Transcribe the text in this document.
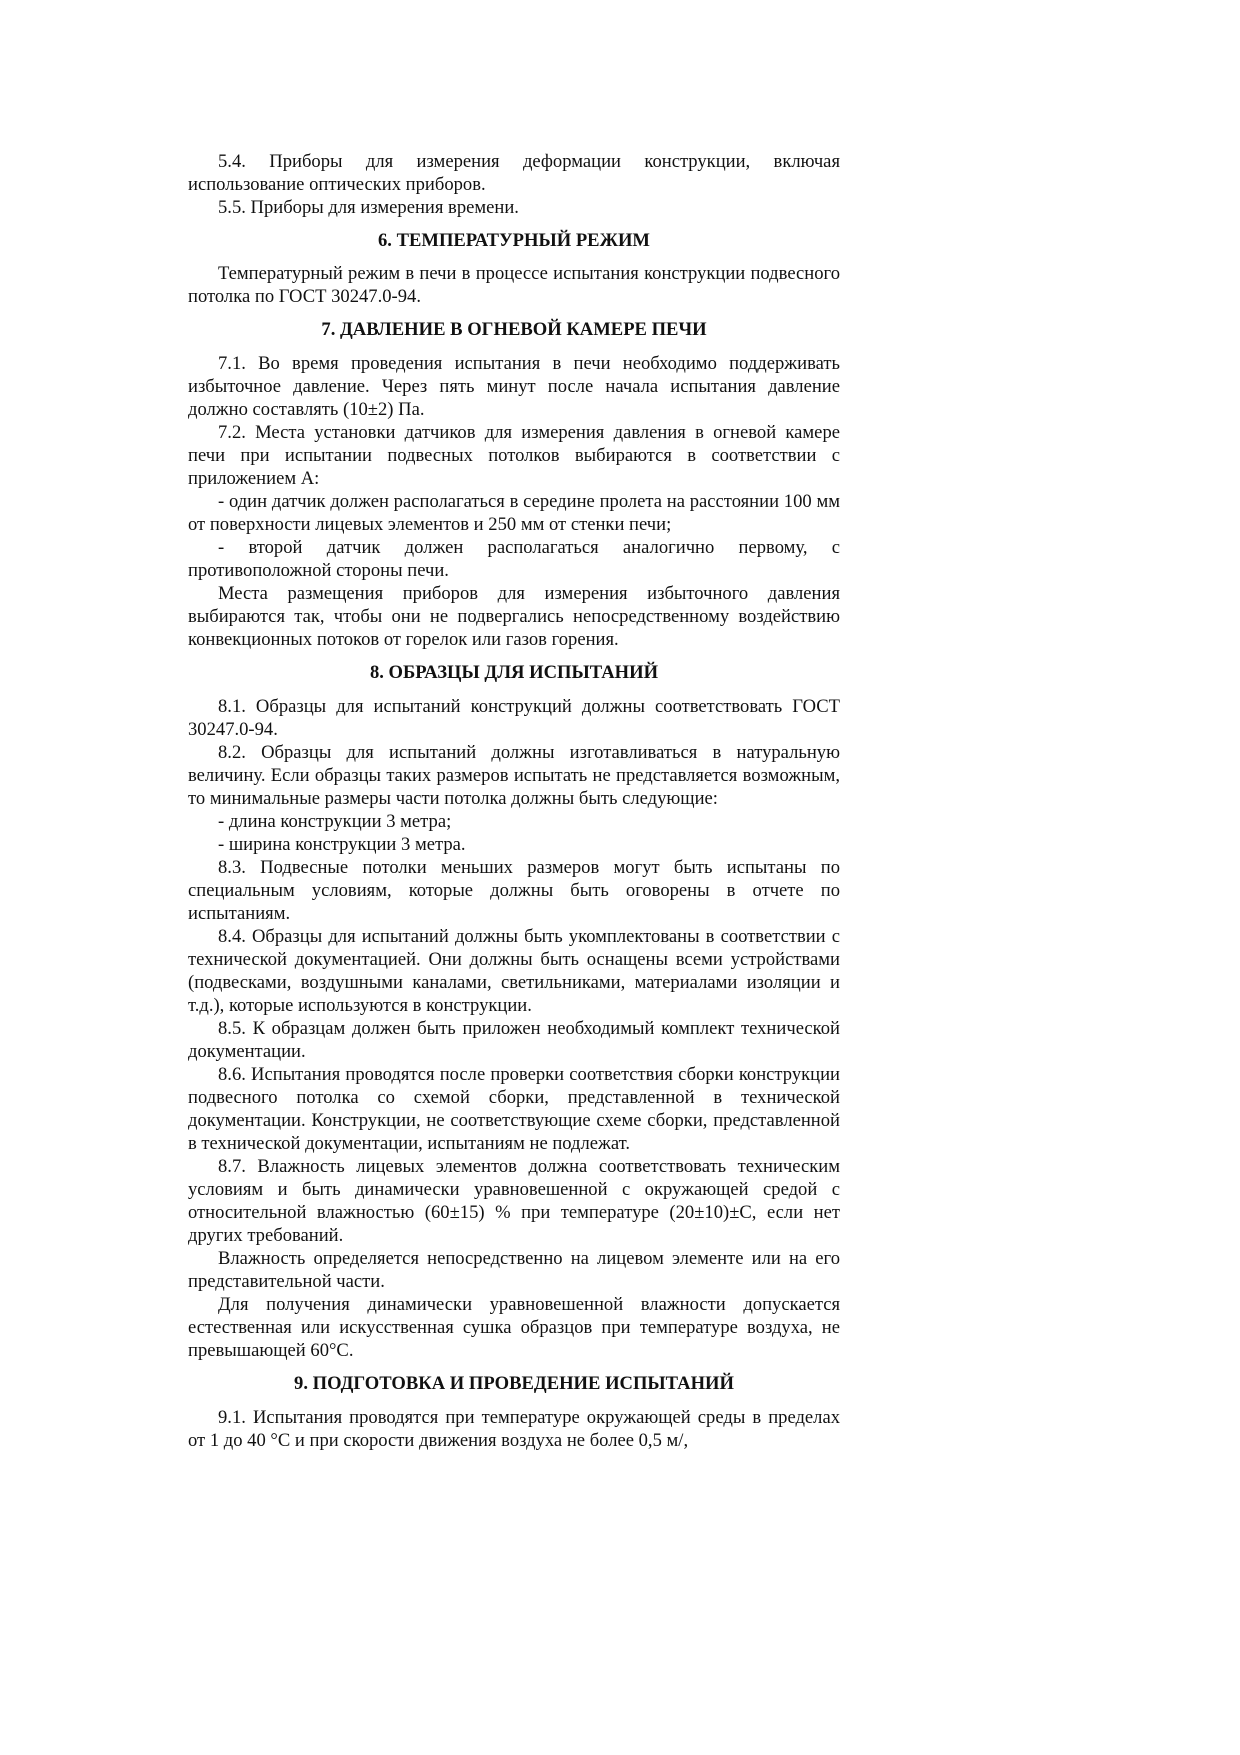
5.4. Приборы для измерения деформации конструкции, включая использование оптических приборов.

5.5. Приборы для измерения времени.

6. ТЕМПЕРАТУРНЫЙ РЕЖИМ

Температурный режим в печи в процессе испытания конструкции подвесного потолка по ГОСТ 30247.0-94.

7. ДАВЛЕНИЕ В ОГНЕВОЙ КАМЕРЕ ПЕЧИ

7.1. Во время проведения испытания в печи необходимо поддерживать избыточное давление. Через пять минут после начала испытания давление должно составлять (10±2) Па.

7.2. Места установки датчиков для измерения давления в огневой камере печи при испытании подвесных потолков выбираются в соответствии с приложением А:

- один датчик должен располагаться в середине пролета на расстоянии 100 мм от поверхности лицевых элементов и 250 мм от стенки печи;

- второй датчик должен располагаться аналогично первому, с противоположной стороны печи.

Места размещения приборов для измерения избыточного давления выбираются так, чтобы они не подвергались непосредственному воздействию конвекционных потоков от горелок или газов горения.

8. ОБРАЗЦЫ ДЛЯ ИСПЫТАНИЙ

8.1. Образцы для испытаний конструкций должны соответствовать ГОСТ 30247.0-94.

8.2. Образцы для испытаний должны изготавливаться в натуральную величину. Если образцы таких размеров испытать не представляется возможным, то минимальные размеры части потолка должны быть следующие:

- длина конструкции 3 метра;

- ширина конструкции 3 метра.

8.3. Подвесные потолки меньших размеров могут быть испытаны по специальным условиям, которые должны быть оговорены в отчете по испытаниям.

8.4. Образцы для испытаний должны быть укомплектованы в соответствии с технической документацией. Они должны быть оснащены всеми устройствами (подвесками, воздушными каналами, светильниками, материалами изоляции и т.д.), которые используются в конструкции.

8.5. К образцам должен быть приложен необходимый комплект технической документации.

8.6. Испытания проводятся после проверки соответствия сборки конструкции подвесного потолка со схемой сборки, представленной в технической документации. Конструкции, не соответствующие схеме сборки, представленной в технической документации, испытаниям не подлежат.

8.7. Влажность лицевых элементов должна соответствовать техническим условиям и быть динамически уравновешенной с окружающей средой с относительной влажностью (60±15) % при температуре (20±10)±С, если нет других требований.

Влажность определяется непосредственно на лицевом элементе или на его представительной части.

Для получения динамически уравновешенной влажности допускается естественная или искусственная сушка образцов при температуре воздуха, не превышающей 60°С.

9. ПОДГОТОВКА И ПРОВЕДЕНИЕ ИСПЫТАНИЙ

9.1. Испытания проводятся при температуре окружающей среды в пределах от 1 до 40 °С и при скорости движения воздуха не более 0,5 м/,
